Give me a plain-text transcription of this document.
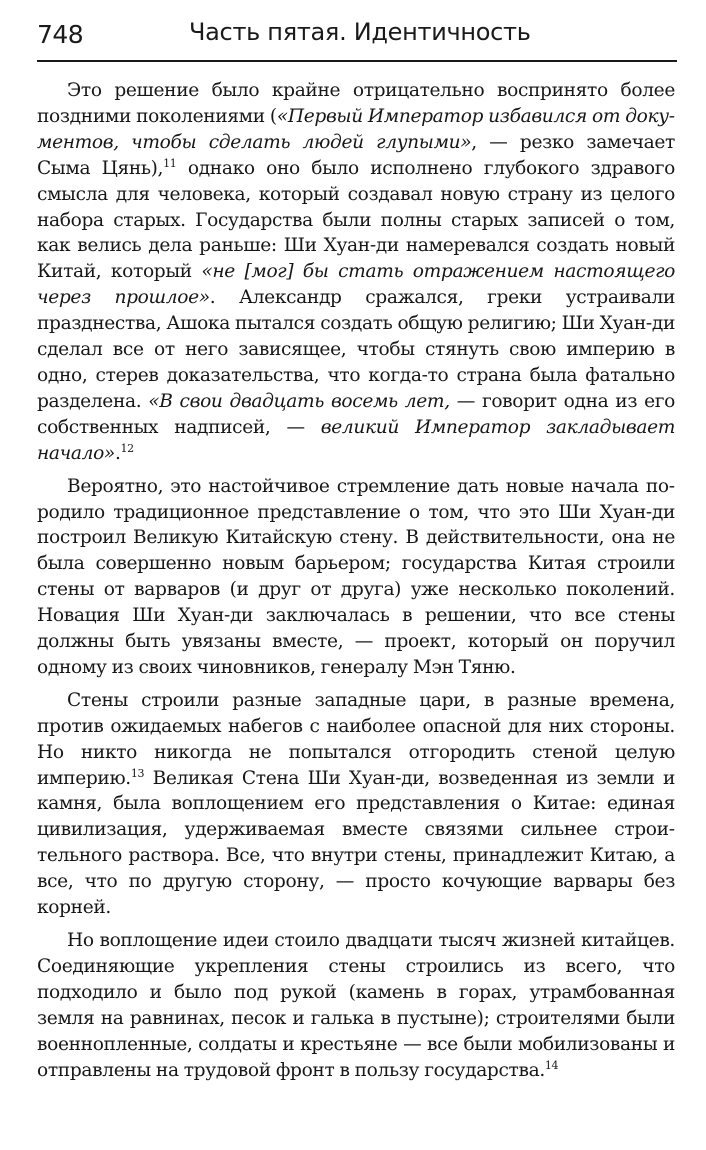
748	Часть пятая. Идентичность

Это решение было крайне отрицательно воспринято более поздними поколениями («Первый Император избавился от документов, чтобы сделать людей глупыми», — резко замечает Сыма Цянь),$^{11}$ однако оно было исполнено глубокого здравого смысла для человека, который создавал новую страну из целого набора старых. Государства были полны старых записей о том, как велись дела раньше: Ши Хуан-ди намеревался создать новый Китай, который «не [мог] бы стать отражением настоящего через прошлое». Александр сражался, греки устраивали празднества, Ашока пытался создать общую религию; Ши Хуан-ди сделал все от него зависящее, чтобы стянуть свою империю в одно, стерев доказательства, что когда-то страна была фатально разделена. «В свои двадцать восемь лет, — говорит одна из его собственных надписей, — великий Император закладывает начало».$^{12}$

Вероятно, это настойчивое стремление дать новые начала породило традиционное представление о том, что это Ши Хуан-ди построил Великую Китайскую стену. В действительности, она не была совершенно новым барьером; государства Китая строили стены от варваров (и друг от друга) уже несколько поколений. Новация Ши Хуан-ди заключалась в решении, что все стены должны быть увязаны вместе, — проект, который он поручил одному из своих чиновников, генералу Мэн Тяню.

Стены строили разные западные цари, в разные времена, против ожидаемых набегов с наиболее опасной для них стороны. Но никто никогда не попытался отгородить стеной целую империю.$^{13}$ Великая Стена Ши Хуан-ди, возведенная из земли и камня, была воплощением его представления о Китае: единая цивилизация, удерживаемая вместе связями сильнее строительного раствора. Все, что внутри стены, принадлежит Китаю, а все, что по другую сторону, — просто кочующие варвары без корней.

Но воплощение идеи стоило двадцати тысяч жизней китайцев. Соединяющие укрепления стены строились из всего, что подходило и было под рукой (камень в горах, утрамбованная земля на равнинах, песок и галька в пустыне); строителями были военнопленные, солдаты и крестьяне — все были мобилизованы и отправлены на трудовой фронт в пользу государства.$^{14}$
